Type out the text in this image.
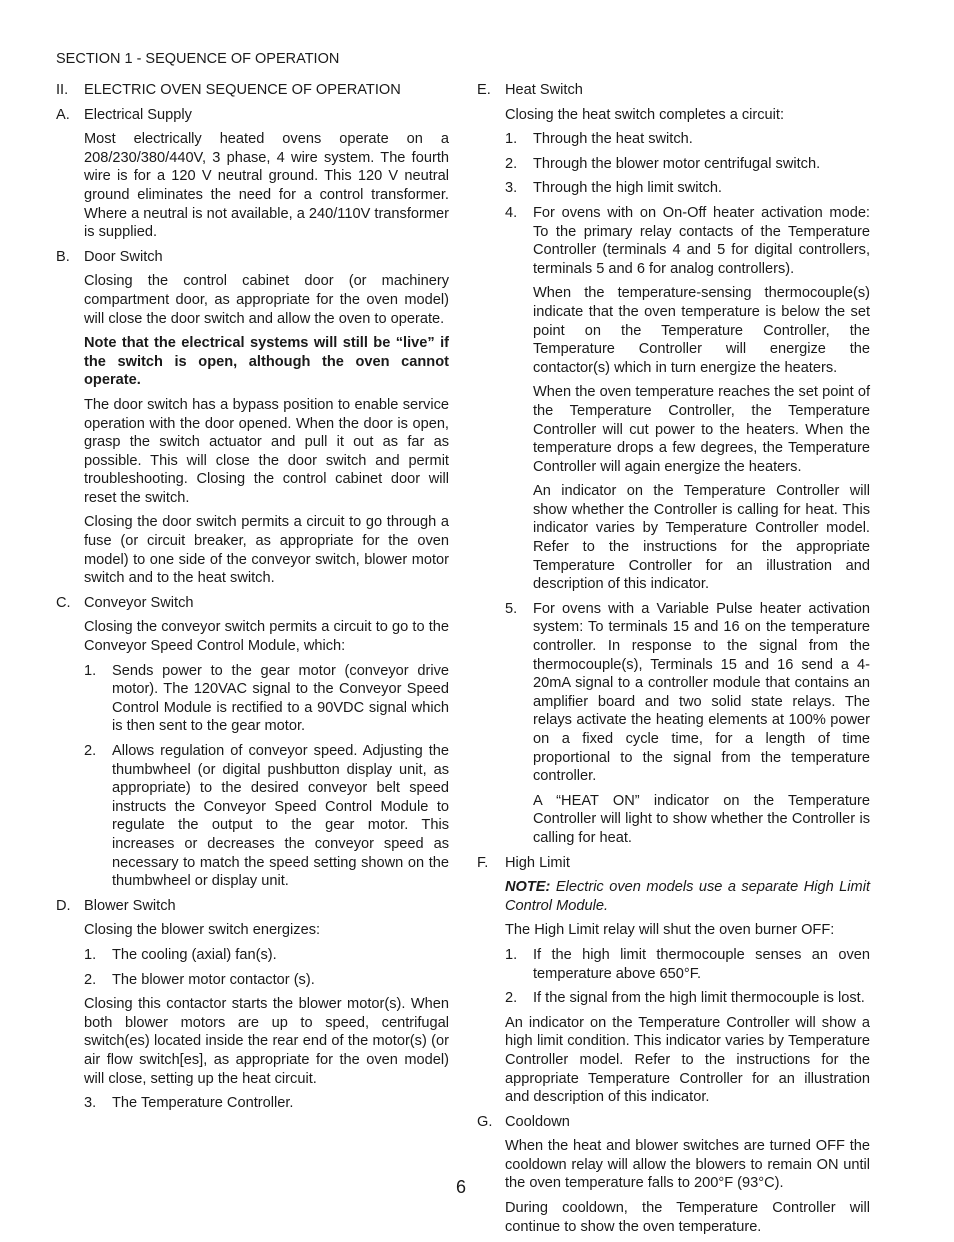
SECTION 1 - SEQUENCE OF OPERATION
II. ELECTRIC OVEN SEQUENCE OF OPERATION
A. Electrical Supply

Most electrically heated ovens operate on a 208/230/380/440V, 3 phase, 4 wire system. The fourth wire is for a 120 V neutral ground. This 120 V neutral ground eliminates the need for a control transformer. Where a neutral is not available, a 240/110V transformer is supplied.

B. Door Switch

Closing the control cabinet door (or machinery compartment door, as appropriate for the oven model) will close the door switch and allow the oven to operate.

Note that the electrical systems will still be “live” if the switch is open, although the oven cannot operate.

The door switch has a bypass position to enable service operation with the door opened. When the door is open, grasp the switch actuator and pull it out as far as possible. This will close the door switch and permit troubleshooting. Closing the control cabinet door will reset the switch.

Closing the door switch permits a circuit to go through a fuse (or circuit breaker, as appropriate for the oven model) to one side of the conveyor switch, blower motor switch and to the heat switch.

C. Conveyor Switch

Closing the conveyor switch permits a circuit to go to the Conveyor Speed Control Module, which:

1. Sends power to the gear motor (conveyor drive motor). The 120VAC signal to the Conveyor Speed Control Module is rectified to a 90VDC signal which is then sent to the gear motor.
2. Allows regulation of conveyor speed. Adjusting the thumbwheel (or digital pushbutton display unit, as appropriate) to the desired conveyor belt speed instructs the Conveyor Speed Control Module to regulate the output to the gear motor. This increases or decreases the conveyor speed as necessary to match the speed setting shown on the thumbwheel or display unit.
D. Blower Switch

Closing the blower switch energizes:

1. The cooling (axial) fan(s).
2. The blower motor contactor (s).

Closing this contactor starts the blower motor(s). When both blower motors are up to speed, centrifugal switch(es) located inside the rear end of the motor(s) (or air flow switch[es], as appropriate for the oven model) will close, setting up the heat circuit.

3. The Temperature Controller.
E. Heat Switch

Closing the heat switch completes a circuit:

1. Through the heat switch.
2. Through the blower motor centrifugal switch.
3. Through the high limit switch.
4. For ovens with on On-Off heater activation mode: To the primary relay contacts of the Temperature Controller (terminals 4 and 5 for digital controllers, terminals 5 and 6 for analog controllers).

When the temperature-sensing thermocouple(s) indicate that the oven temperature is below the set point on the Temperature Controller, the Temperature Controller will energize the contactor(s) which in turn energize the heaters.

When the oven temperature reaches the set point of the Temperature Controller, the Temperature Controller will cut power to the heaters. When the temperature drops a few degrees, the Temperature Controller will again energize the heaters.

An indicator on the Temperature Controller will show whether the Controller is calling for heat. This indicator varies by Temperature Controller model. Refer to the instructions for the appropriate Temperature Controller for an illustration and description of this indicator.

5. For ovens with a Variable Pulse heater activation system: To terminals 15 and 16 on the temperature controller. In response to the signal from the thermocouple(s), Terminals 15 and 16 send a 4-20mA signal to a controller module that contains an amplifier board and two solid state relays. The relays activate the heating elements at 100% power on a fixed cycle time, for a length of time proportional to the signal from the temperature controller.

A “HEAT ON” indicator on the Temperature Controller will light to show whether the Controller is calling for heat.

F. High Limit

NOTE: Electric oven models use a separate High Limit Control Module.

The High Limit relay will shut the oven burner OFF:

1. If the high limit thermocouple senses an oven temperature above 650°F.
2. If the signal from the high limit thermocouple is lost.

An indicator on the Temperature Controller will show a high limit condition. This indicator varies by Temperature Controller model. Refer to the instructions for the appropriate Temperature Controller for an illustration and description of this indicator.

G. Cooldown

When the heat and blower switches are turned OFF the cooldown relay will allow the blowers to remain ON until the oven temperature falls to 200°F (93°C).

During cooldown, the Temperature Controller will continue to show the oven temperature.

6
